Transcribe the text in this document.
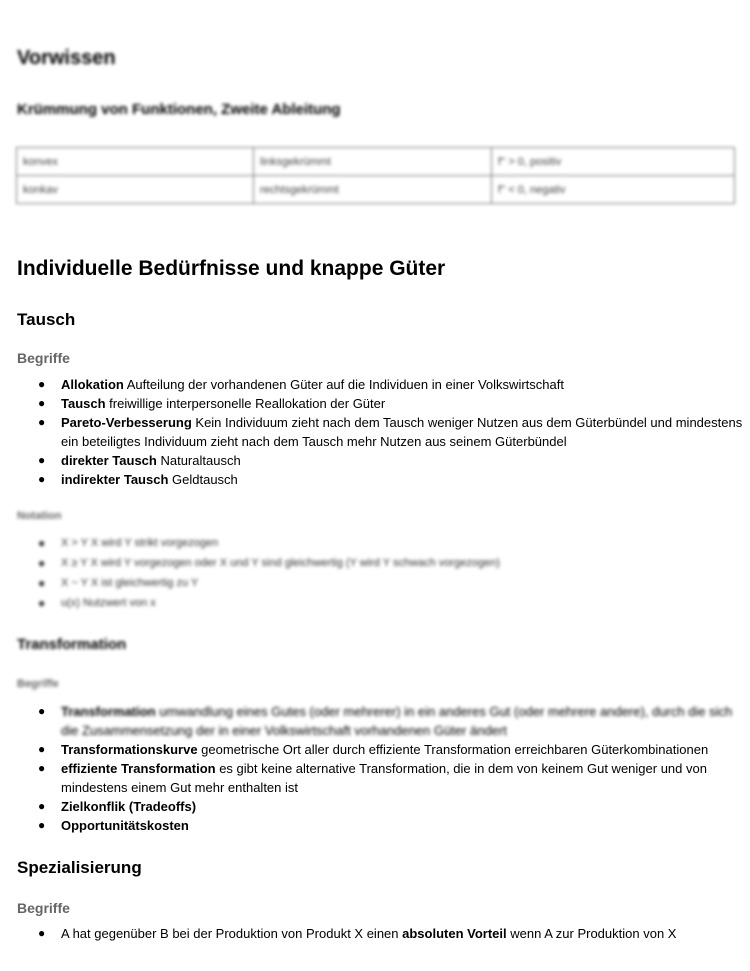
Vorwissen
Krümmung von Funktionen, Zweite Ableitung
konvex	linksgekrümmt	f'' > 0, positiv
konkav	rechtsgekrümmt	f'' < 0, negativ
Individuelle Bedürfnisse und knappe Güter
Tausch
Begriffe
● Allokation Aufteilung der vorhandenen Güter auf die Individuen in einer Volkswirtschaft
● Tausch freiwillige interpersonelle Reallokation der Güter
● Pareto-Verbesserung Kein Individuum zieht nach dem Tausch weniger Nutzen aus dem Güterbündel und mindestens ein beteiligtes Individuum zieht nach dem Tausch mehr Nutzen aus seinem Güterbündel
● direkter Tausch Naturaltausch
● indirekter Tausch Geldtausch
Notation
● X > Y X wird Y strikt vorgezogen
● X ≥ Y X wird Y vorgezogen oder X und Y sind gleichwertig (Y wird Y schwach vorgezogen)
● X ~ Y X ist gleichwertig zu Y
● u(x) Nutzwert von x
Transformation
Begriffe
● Transformation umwandlung eines Gutes (oder mehrerer) in ein anderes Gut (oder mehrere andere), durch die sich die Zusammensetzung der in einer Volkswirtschaft vorhandenen Güter ändert
● Transformationskurve geometrische Ort aller durch effiziente Transformation erreichbaren Güterkombinationen
● effiziente Transformation es gibt keine alternative Transformation, die in dem von keinem Gut weniger und von mindestens einem Gut mehr enthalten ist
● Zielkonflik (Tradeoffs)
● Opportunitätskosten
Spezialisierung
Begriffe
● A hat gegenüber B bei der Produktion von Produkt X einen absoluten Vorteil wenn A zur Produktion von X
